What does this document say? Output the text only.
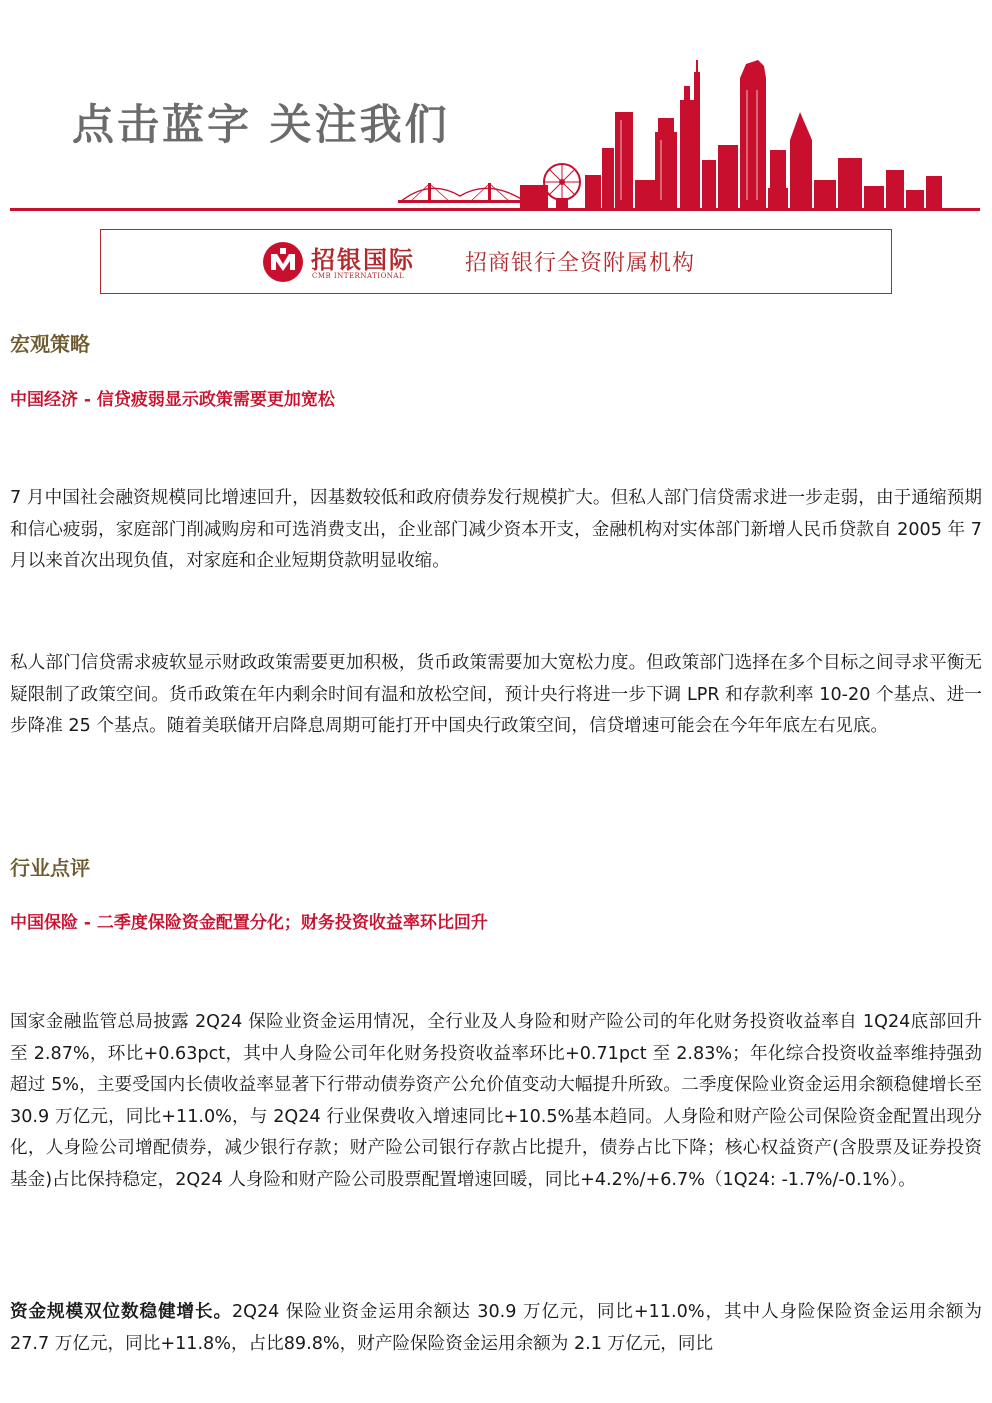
点击蓝字 关注我们
招银国际
CMB INTERNATIONAL	招商银行全资附属机构
宏观策略
中国经济 - 信贷疲弱显示政策需要更加宽松

7 月中国社会融资规模同比增速回升，因基数较低和政府债券发行规模扩大。但私人部门信贷需求进一步走弱，由于通缩预期和信心疲弱，家庭部门削减购房和可选消费支出，企业部门减少资本开支，金融机构对实体部门新增人民币贷款自 2005 年 7 月以来首次出现负值，对家庭和企业短期贷款明显收缩。

私人部门信贷需求疲软显示财政政策需要更加积极，货币政策需要加大宽松力度。但政策部门选择在多个目标之间寻求平衡无疑限制了政策空间。货币政策在年内剩余时间有温和放松空间，预计央行将进一步下调 LPR 和存款利率 10-20 个基点、进一步降准 25 个基点。随着美联储开启降息周期可能打开中国央行政策空间，信贷增速可能会在今年年底左右见底。

行业点评
中国保险 - 二季度保险资金配置分化；财务投资收益率环比回升

国家金融监管总局披露 2Q24 保险业资金运用情况，全行业及人身险和财产险公司的年化财务投资收益率自 1Q24底部回升至 2.87%，环比+0.63pct，其中人身险公司年化财务投资收益率环比+0.71pct 至 2.83%；年化综合投资收益率维持强劲超过 5%，主要受国内长债收益率显著下行带动债券资产公允价值变动大幅提升所致。二季度保险业资金运用余额稳健增长至 30.9 万亿元，同比+11.0%，与 2Q24 行业保费收入增速同比+10.5%基本趋同。人身险和财产险公司保险资金配置出现分化，人身险公司增配债券，减少银行存款；财产险公司银行存款占比提升，债券占比下降；核心权益资产(含股票及证券投资基金)占比保持稳定，2Q24 人身险和财产险公司股票配置增速回暖，同比+4.2%/+6.7%（1Q24: -1.7%/-0.1%）。

资金规模双位数稳健增长。2Q24 保险业资金运用余额达 30.9 万亿元，同比+11.0%，其中人身险保险资金运用余额为 27.7 万亿元，同比+11.8%，占比89.8%，财产险保险资金运用余额为 2.1 万亿元，同比
